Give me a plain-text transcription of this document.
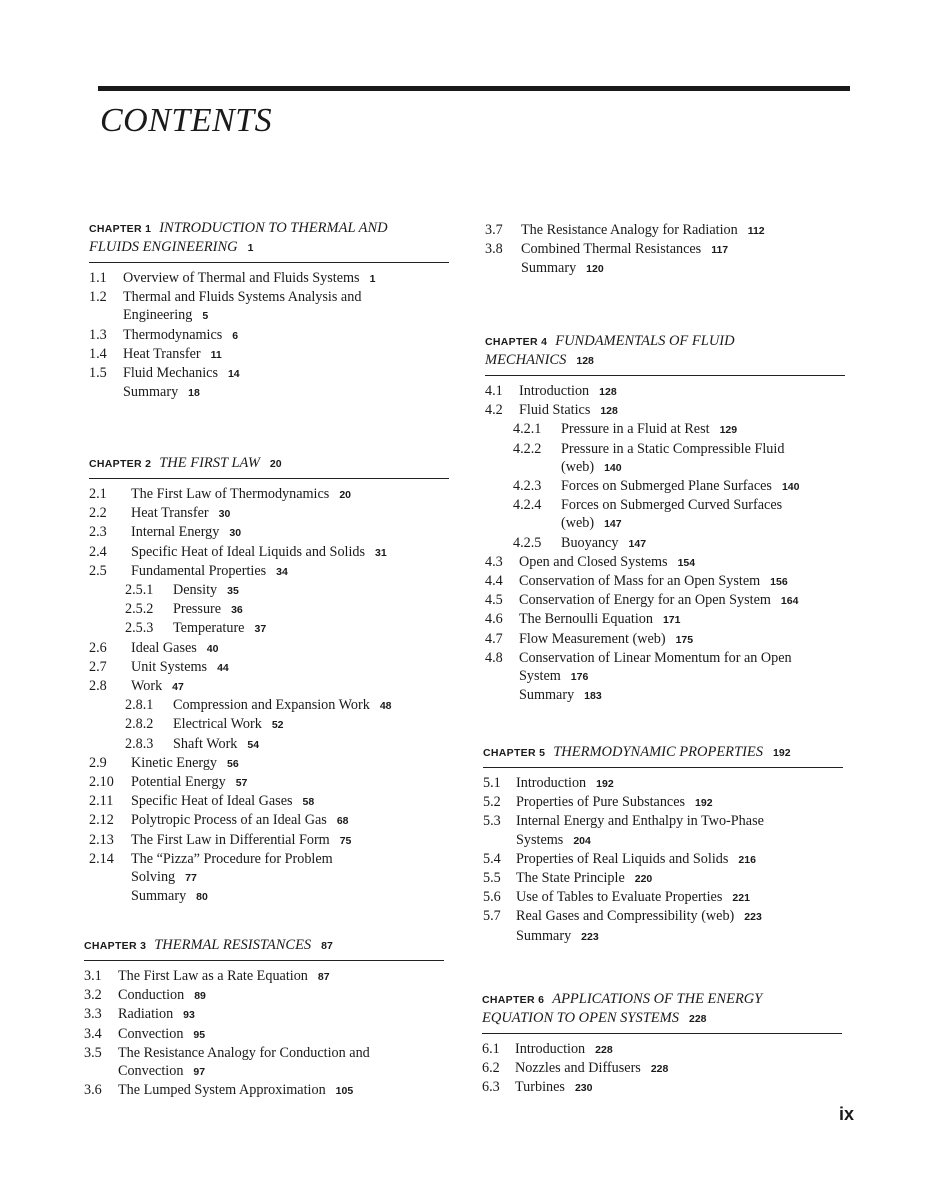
CONTENTS
CHAPTER 1 INTRODUCTION TO THERMAL AND
FLUIDS ENGINEERING 1
1.1 Overview of Thermal and Fluids Systems 1
1.2 Thermal and Fluids Systems Analysis and
Engineering 5
1.3 Thermodynamics 6
1.4 Heat Transfer 11
1.5 Fluid Mechanics 14
Summary 18
CHAPTER 2 THE FIRST LAW 20
2.1 The First Law of Thermodynamics 20
2.2 Heat Transfer 30
2.3 Internal Energy 30
2.4 Specific Heat of Ideal Liquids and Solids 31
2.5 Fundamental Properties 34
2.5.1 Density 35
2.5.2 Pressure 36
2.5.3 Temperature 37
2.6 Ideal Gases 40
2.7 Unit Systems 44
2.8 Work 47
2.8.1 Compression and Expansion Work 48
2.8.2 Electrical Work 52
2.8.3 Shaft Work 54
2.9 Kinetic Energy 56
2.10 Potential Energy 57
2.11 Specific Heat of Ideal Gases 58
2.12 Polytropic Process of an Ideal Gas 68
2.13 The First Law in Differential Form 75
2.14 The “Pizza” Procedure for Problem
Solving 77
Summary 80
CHAPTER 3 THERMAL RESISTANCES 87
3.1 The First Law as a Rate Equation 87
3.2 Conduction 89
3.3 Radiation 93
3.4 Convection 95
3.5 The Resistance Analogy for Conduction and
Convection 97
3.6 The Lumped System Approximation 105
3.7 The Resistance Analogy for Radiation 112
3.8 Combined Thermal Resistances 117
Summary 120
CHAPTER 4 FUNDAMENTALS OF FLUID
MECHANICS 128
4.1 Introduction 128
4.2 Fluid Statics 128
4.2.1 Pressure in a Fluid at Rest 129
4.2.2 Pressure in a Static Compressible Fluid
(web) 140
4.2.3 Forces on Submerged Plane Surfaces 140
4.2.4 Forces on Submerged Curved Surfaces
(web) 147
4.2.5 Buoyancy 147
4.3 Open and Closed Systems 154
4.4 Conservation of Mass for an Open System 156
4.5 Conservation of Energy for an Open System 164
4.6 The Bernoulli Equation 171
4.7 Flow Measurement (web) 175
4.8 Conservation of Linear Momentum for an Open
System 176
Summary 183
CHAPTER 5 THERMODYNAMIC PROPERTIES 192
5.1 Introduction 192
5.2 Properties of Pure Substances 192
5.3 Internal Energy and Enthalpy in Two-Phase
Systems 204
5.4 Properties of Real Liquids and Solids 216
5.5 The State Principle 220
5.6 Use of Tables to Evaluate Properties 221
5.7 Real Gases and Compressibility (web) 223
Summary 223
CHAPTER 6 APPLICATIONS OF THE ENERGY
EQUATION TO OPEN SYSTEMS 228
6.1 Introduction 228
6.2 Nozzles and Diffusers 228
6.3 Turbines 230
ix
